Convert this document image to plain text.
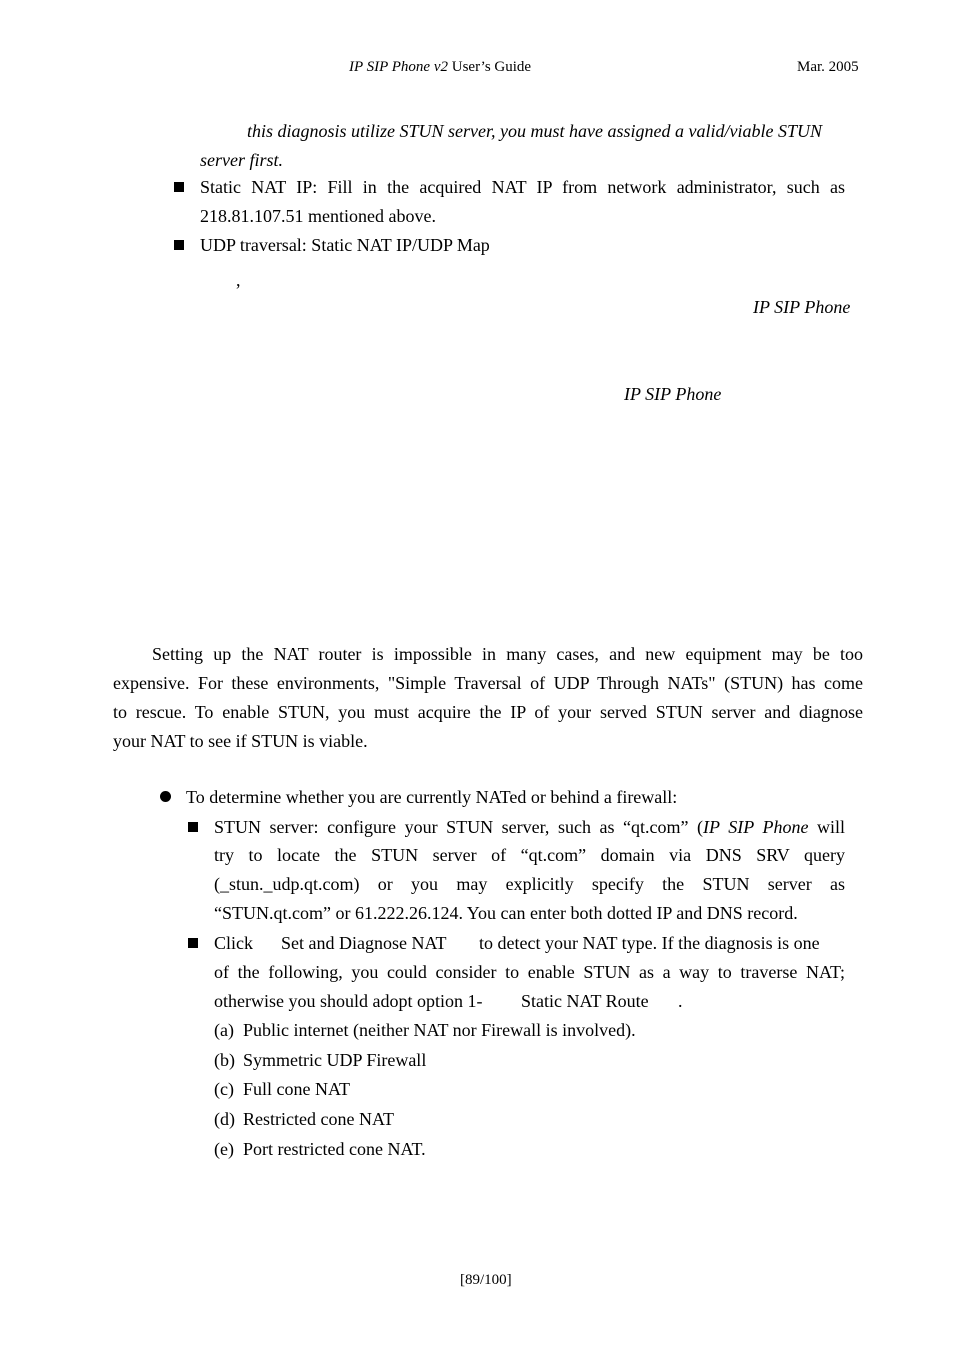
IP SIP Phone v2 User’s Guide	Mar. 2005
this diagnosis utilize STUN server, you must have assigned a valid/viable STUN
server first.
Static NAT IP: Fill in the acquired NAT IP from network administrator, such as
218.81.107.51 mentioned above.
UDP traversal: Static NAT IP/UDP Map
,
IP SIP Phone
IP SIP Phone
Setting up the NAT router is impossible in many cases, and new equipment may be too
expensive. For these environments, "Simple Traversal of UDP Through NATs" (STUN) has come
to rescue. To enable STUN, you must acquire the IP of your served STUN server and diagnose
your NAT to see if STUN is viable.
To determine whether you are currently NATed or behind a firewall:
STUN server: configure your STUN server, such as “qt.com” (IP SIP Phone will
try to locate the STUN server of “qt.com” domain via DNS SRV query
(_stun._udp.qt.com) or you may explicitly specify the STUN server as
“STUN.qt.com” or 61.222.26.124. You can enter both dotted IP and DNS record.
Click Set and Diagnose NAT to detect your NAT type. If the diagnosis is one
of the following, you could consider to enable STUN as a way to traverse NAT;
otherwise you should adopt option 1- Static NAT Route .
(a) Public internet (neither NAT nor Firewall is involved).
(b) Symmetric UDP Firewall
(c) Full cone NAT
(d) Restricted cone NAT
(e) Port restricted cone NAT.
[89/100]
